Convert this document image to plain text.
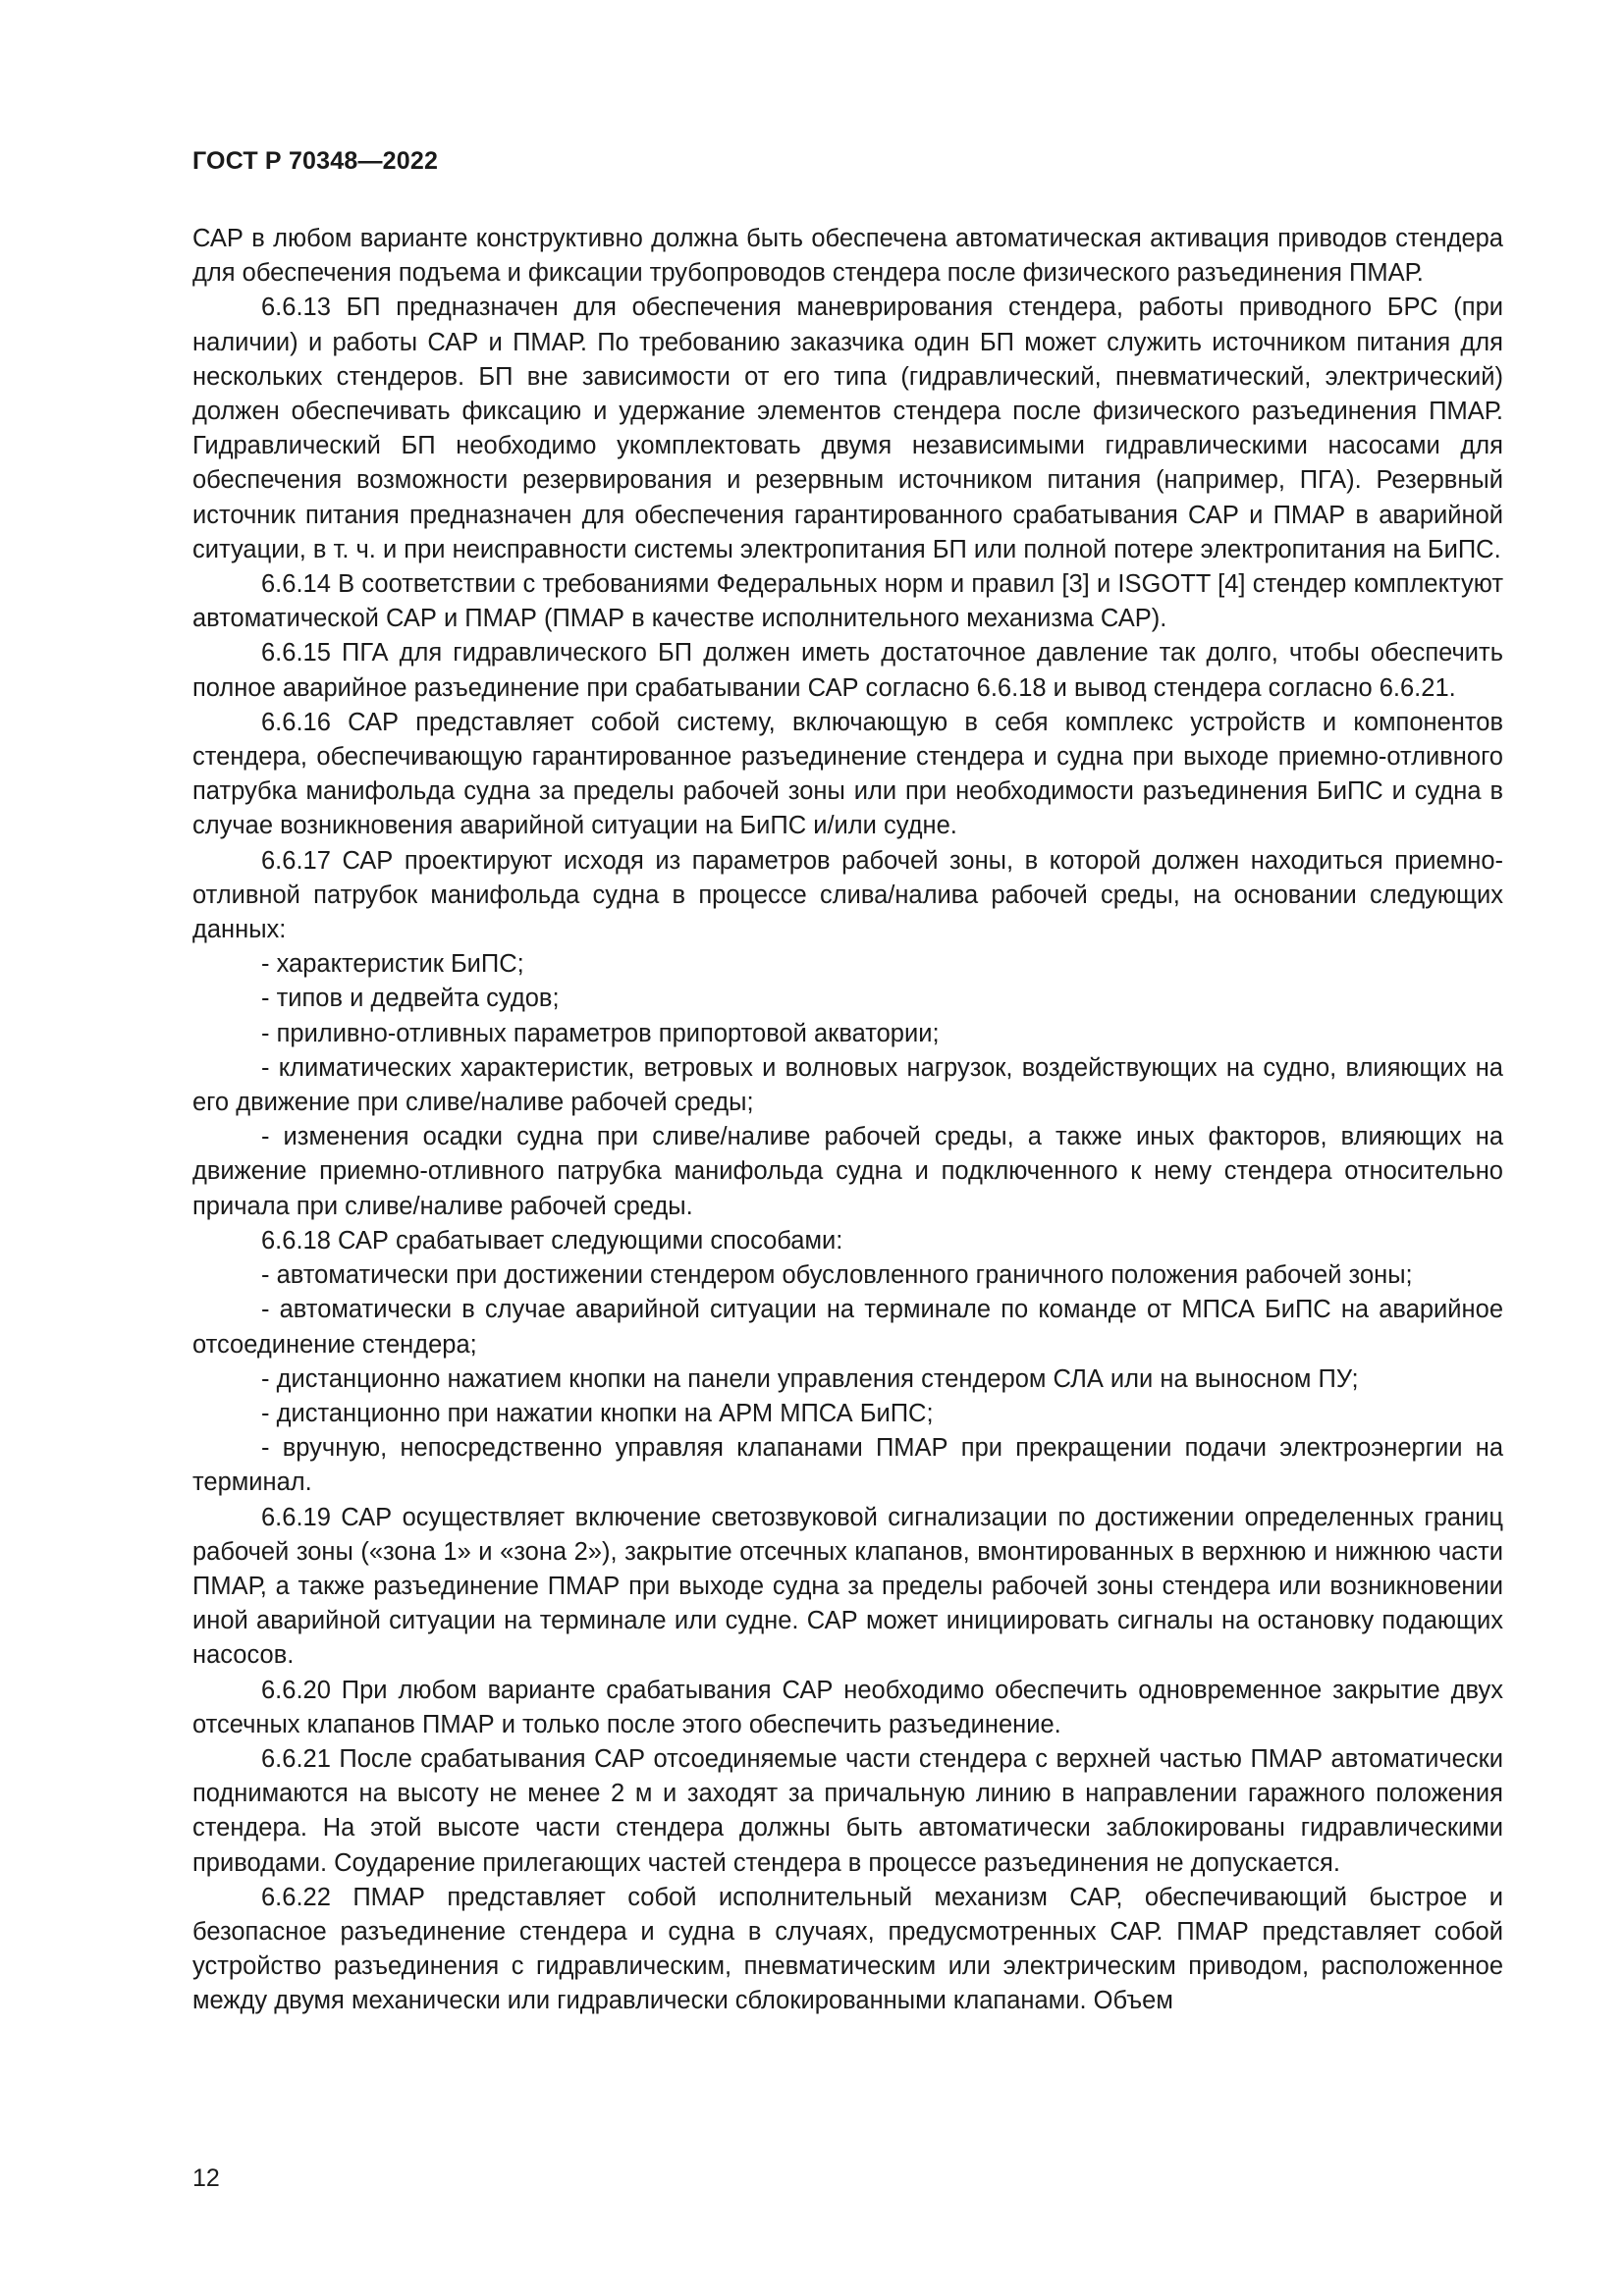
ГОСТ Р 70348—2022

САР в любом варианте конструктивно должна быть обеспечена автоматическая активация приводов стендера для обеспечения подъема и фиксации трубопроводов стендера после физического разъединения ПМАР.

6.6.13 БП предназначен для обеспечения маневрирования стендера, работы приводного БРС (при наличии) и работы САР и ПМАР. По требованию заказчика один БП может служить источником питания для нескольких стендеров. БП вне зависимости от его типа (гидравлический, пневматический, электрический) должен обеспечивать фиксацию и удержание элементов стендера после физического разъединения ПМАР. Гидравлический БП необходимо укомплектовать двумя независимыми гидравлическими насосами для обеспечения возможности резервирования и резервным источником питания (например, ПГА). Резервный источник питания предназначен для обеспечения гарантированного срабатывания САР и ПМАР в аварийной ситуации, в т. ч. и при неисправности системы электропитания БП или полной потере электропитания на БиПС.

6.6.14 В соответствии с требованиями Федеральных норм и правил [3] и ISGOTT [4] стендер комплектуют автоматической САР и ПМАР (ПМАР в качестве исполнительного механизма САР).

6.6.15 ПГА для гидравлического БП должен иметь достаточное давление так долго, чтобы обеспечить полное аварийное разъединение при срабатывании САР согласно 6.6.18 и вывод стендера согласно 6.6.21.

6.6.16 САР представляет собой систему, включающую в себя комплекс устройств и компонентов стендера, обеспечивающую гарантированное разъединение стендера и судна при выходе приемно-отливного патрубка манифольда судна за пределы рабочей зоны или при необходимости разъединения БиПС и судна в случае возникновения аварийной ситуации на БиПС и/или судне.

6.6.17 САР проектируют исходя из параметров рабочей зоны, в которой должен находиться приемно-отливной патрубок манифольда судна в процессе слива/налива рабочей среды, на основании следующих данных:

- характеристик БиПС;

- типов и дедвейта судов;

- приливно-отливных параметров припортовой акватории;

- климатических характеристик, ветровых и волновых нагрузок, воздействующих на судно, влияющих на его движение при сливе/наливе рабочей среды;

- изменения осадки судна при сливе/наливе рабочей среды, а также иных факторов, влияющих на движение приемно-отливного патрубка манифольда судна и подключенного к нему стендера относительно причала при сливе/наливе рабочей среды.

6.6.18 САР срабатывает следующими способами:

- автоматически при достижении стендером обусловленного граничного положения рабочей зоны;

- автоматически в случае аварийной ситуации на терминале по команде от МПСА БиПС на аварийное отсоединение стендера;

- дистанционно нажатием кнопки на панели управления стендером СЛА или на выносном ПУ;

- дистанционно при нажатии кнопки на АРМ МПСА БиПС;

- вручную, непосредственно управляя клапанами ПМАР при прекращении подачи электроэнергии на терминал.

6.6.19 САР осуществляет включение светозвуковой сигнализации по достижении определенных границ рабочей зоны («зона 1» и «зона 2»), закрытие отсечных клапанов, вмонтированных в верхнюю и нижнюю части ПМАР, а также разъединение ПМАР при выходе судна за пределы рабочей зоны стендера или возникновении иной аварийной ситуации на терминале или судне. САР может инициировать сигналы на остановку подающих насосов.

6.6.20 При любом варианте срабатывания САР необходимо обеспечить одновременное закрытие двух отсечных клапанов ПМАР и только после этого обеспечить разъединение.

6.6.21 После срабатывания САР отсоединяемые части стендера с верхней частью ПМАР автоматически поднимаются на высоту не менее 2 м и заходят за причальную линию в направлении гаражного положения стендера. На этой высоте части стендера должны быть автоматически заблокированы гидравлическими приводами. Соударение прилегающих частей стендера в процессе разъединения не допускается.

6.6.22 ПМАР представляет собой исполнительный механизм САР, обеспечивающий быстрое и безопасное разъединение стендера и судна в случаях, предусмотренных САР. ПМАР представляет собой устройство разъединения с гидравлическим, пневматическим или электрическим приводом, расположенное между двумя механически или гидравлически сблокированными клапанами. Объем

12
